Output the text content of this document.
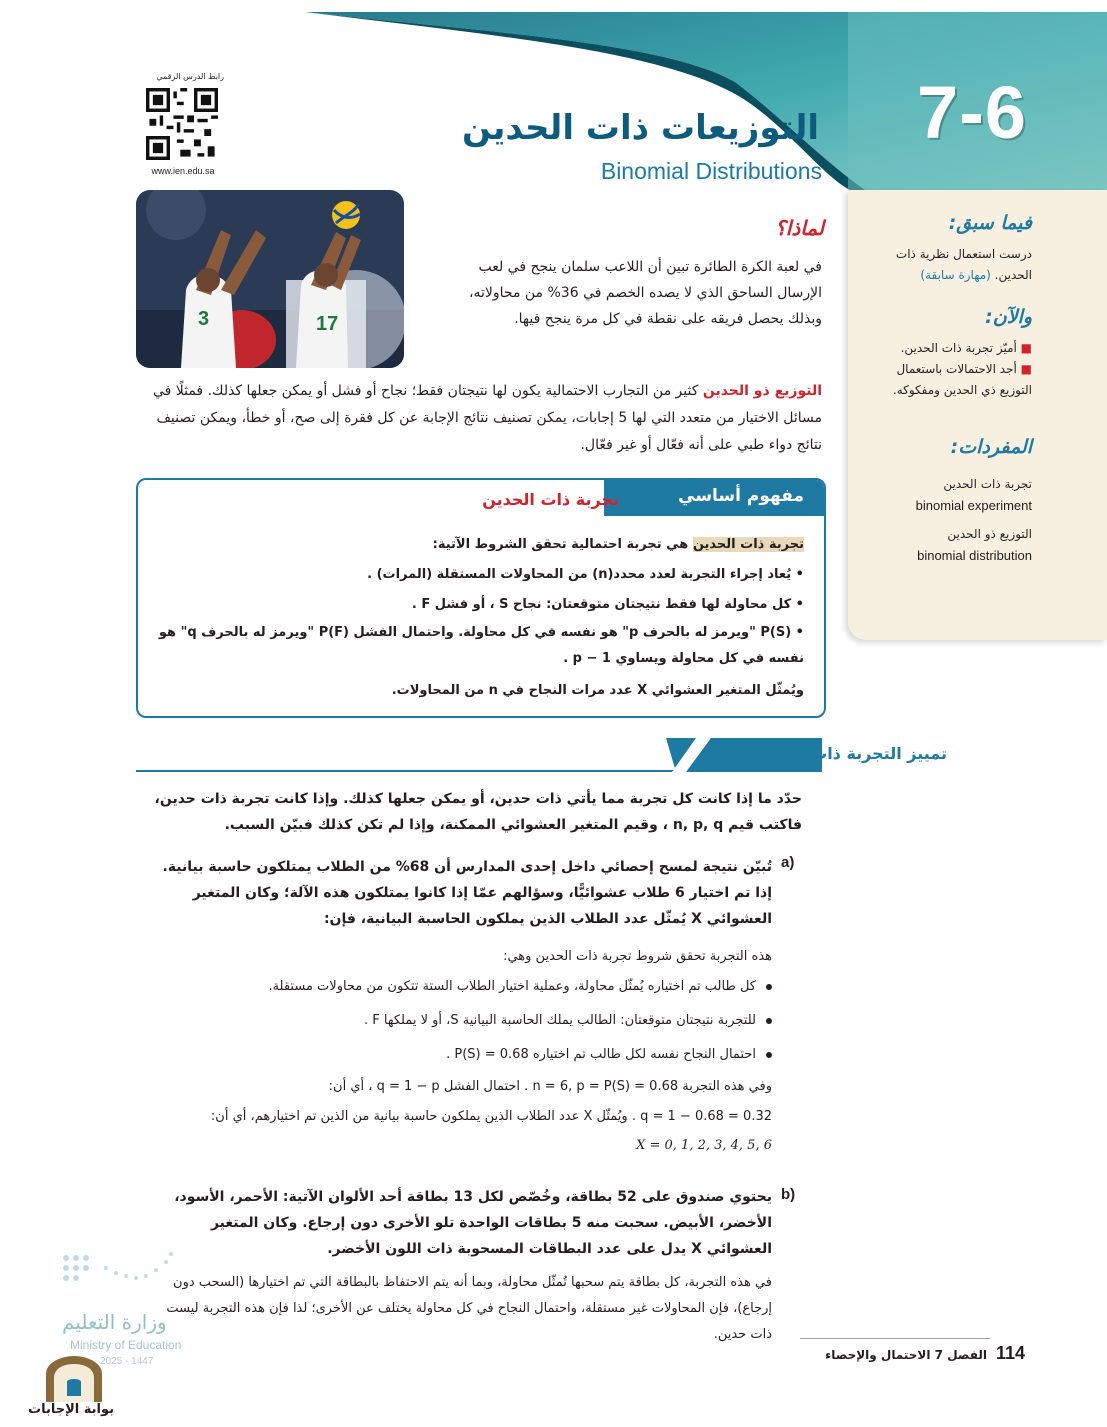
7-6
التوزيعات ذات الحدين
Binomial Distributions
رابط الدرس الرقمي
www.ien.edu.sa
3	17
فيما سبق:
درست استعمال نظرية ذات الحدين. (مهارة سابقة)
والآن:
■ أميّز تجربة ذات الحدين.
■ أجد الاحتمالات باستعمال التوزيع ذي الحدين ومفكوكه.
المفردات:
تجربة ذات الحدين
binomial experiment
التوزيع ذو الحدين
binomial distribution
لماذا؟
في لعبة الكرة الطائرة تبين أن اللاعب سلمان ينجح في لعب الإرسال الساحق الذي لا يصده الخصم في 36% من محاولاته، وبذلك يحصل فريقه على نقطة في كل مرة ينجح فيها.
التوزيع ذو الحدين كثير من التجارب الاحتمالية يكون لها نتيجتان فقط؛ نجاح أو فشل أو يمكن جعلها كذلك. فمثلًا في مسائل الاختيار من متعدد التي لها 5 إجابات، يمكن تصنيف نتائج الإجابة عن كل فقرة إلى صح، أو خطأ، ويمكن تصنيف نتائج دواء طبي على أنه فعّال أو غير فعّال.
مفهوم أساسي
تجربة ذات الحدين
تجربة ذات الحدين هي تجربة احتمالية تحقق الشروط الآتية:
• يُعاد إجراء التجربة لعدد محدد(n) من المحاولات المستقلة (المرات) .
• كل محاولة لها فقط نتيجتان متوقعتان: نجاح S ، أو فشل F .
• P(S) "ويرمز له بالحرف p" هو نفسه في كل محاولة. واحتمال الفشل P(F) "ويرمز له بالحرف q" هو نفسه في كل محاولة ويساوي p − 1 .
ويُمثّل المتغير العشوائي X عدد مرات النجاح في n من المحاولات.
مثال 1
تمييز التجربة ذات الحدين
حدّد ما إذا كانت كل تجربة مما يأتي ذات حدين، أو يمكن جعلها كذلك. وإذا كانت تجربة ذات حدين، فاكتب قيم n, p, q ، وقيم المتغير العشوائي الممكنة، وإذا لم تكن كذلك فبيّن السبب.
a)
تُبيّن نتيجة لمسح إحصائي داخل إحدى المدارس أن 68% من الطلاب يمتلكون حاسبة بيانية. إذا تم اختيار 6 طلاب عشوائيًّا، وسؤالهم عمّا إذا كانوا يمتلكون هذه الآلة؛ وكان المتغير العشوائي X يُمثّل عدد الطلاب الذين يملكون الحاسبة البيانية، فإن:
هذه التجربة تحقق شروط تجربة ذات الحدين وهي:
كل طالب تم اختياره يُمثّل محاولة، وعملية اختيار الطلاب الستة تتكون من محاولات مستقلة.
للتجربة نتيجتان متوقعتان: الطالب يملك الحاسبة البيانية S، أو لا يملكها F .
احتمال النجاح نفسه لكل طالب تم اختياره P(S) = 0.68 .
وفي هذه التجربة n = 6, p = P(S) = 0.68 . احتمال الفشل q = 1 − p ، أي أن:
q = 1 − 0.68 = 0.32 . ويُمثّل X عدد الطلاب الذين يملكون حاسبة بيانية من الذين تم اختيارهم، أي أن:
X = 0, 1, 2, 3, 4, 5, 6
b)
يحتوي صندوق على 52 بطاقة، وخُصّص لكل 13 بطاقة أحد الألوان الآتية: الأحمر، الأسود، الأخضر، الأبيض. سحبت منه 5 بطاقات الواحدة تلو الأخرى دون إرجاع. وكان المتغير العشوائي X يدل على عدد البطاقات المسحوبة ذات اللون الأخضر.
في هذه التجربة، كل بطاقة يتم سحبها تُمثّل محاولة، وبما أنه يتم الاحتفاظ بالبطاقة التي تم اختيارها (السحب دون إرجاع)، فإن المحاولات غير مستقلة، واحتمال النجاح في كل محاولة يختلف عن الأخرى؛ لذا فإن هذه التجربة ليست ذات حدين.
114
الفصل 7 الاحتمال والإحصاء
وزارة التعليم
Ministry of Education
2025 - 1447
بوابة الإجابات
